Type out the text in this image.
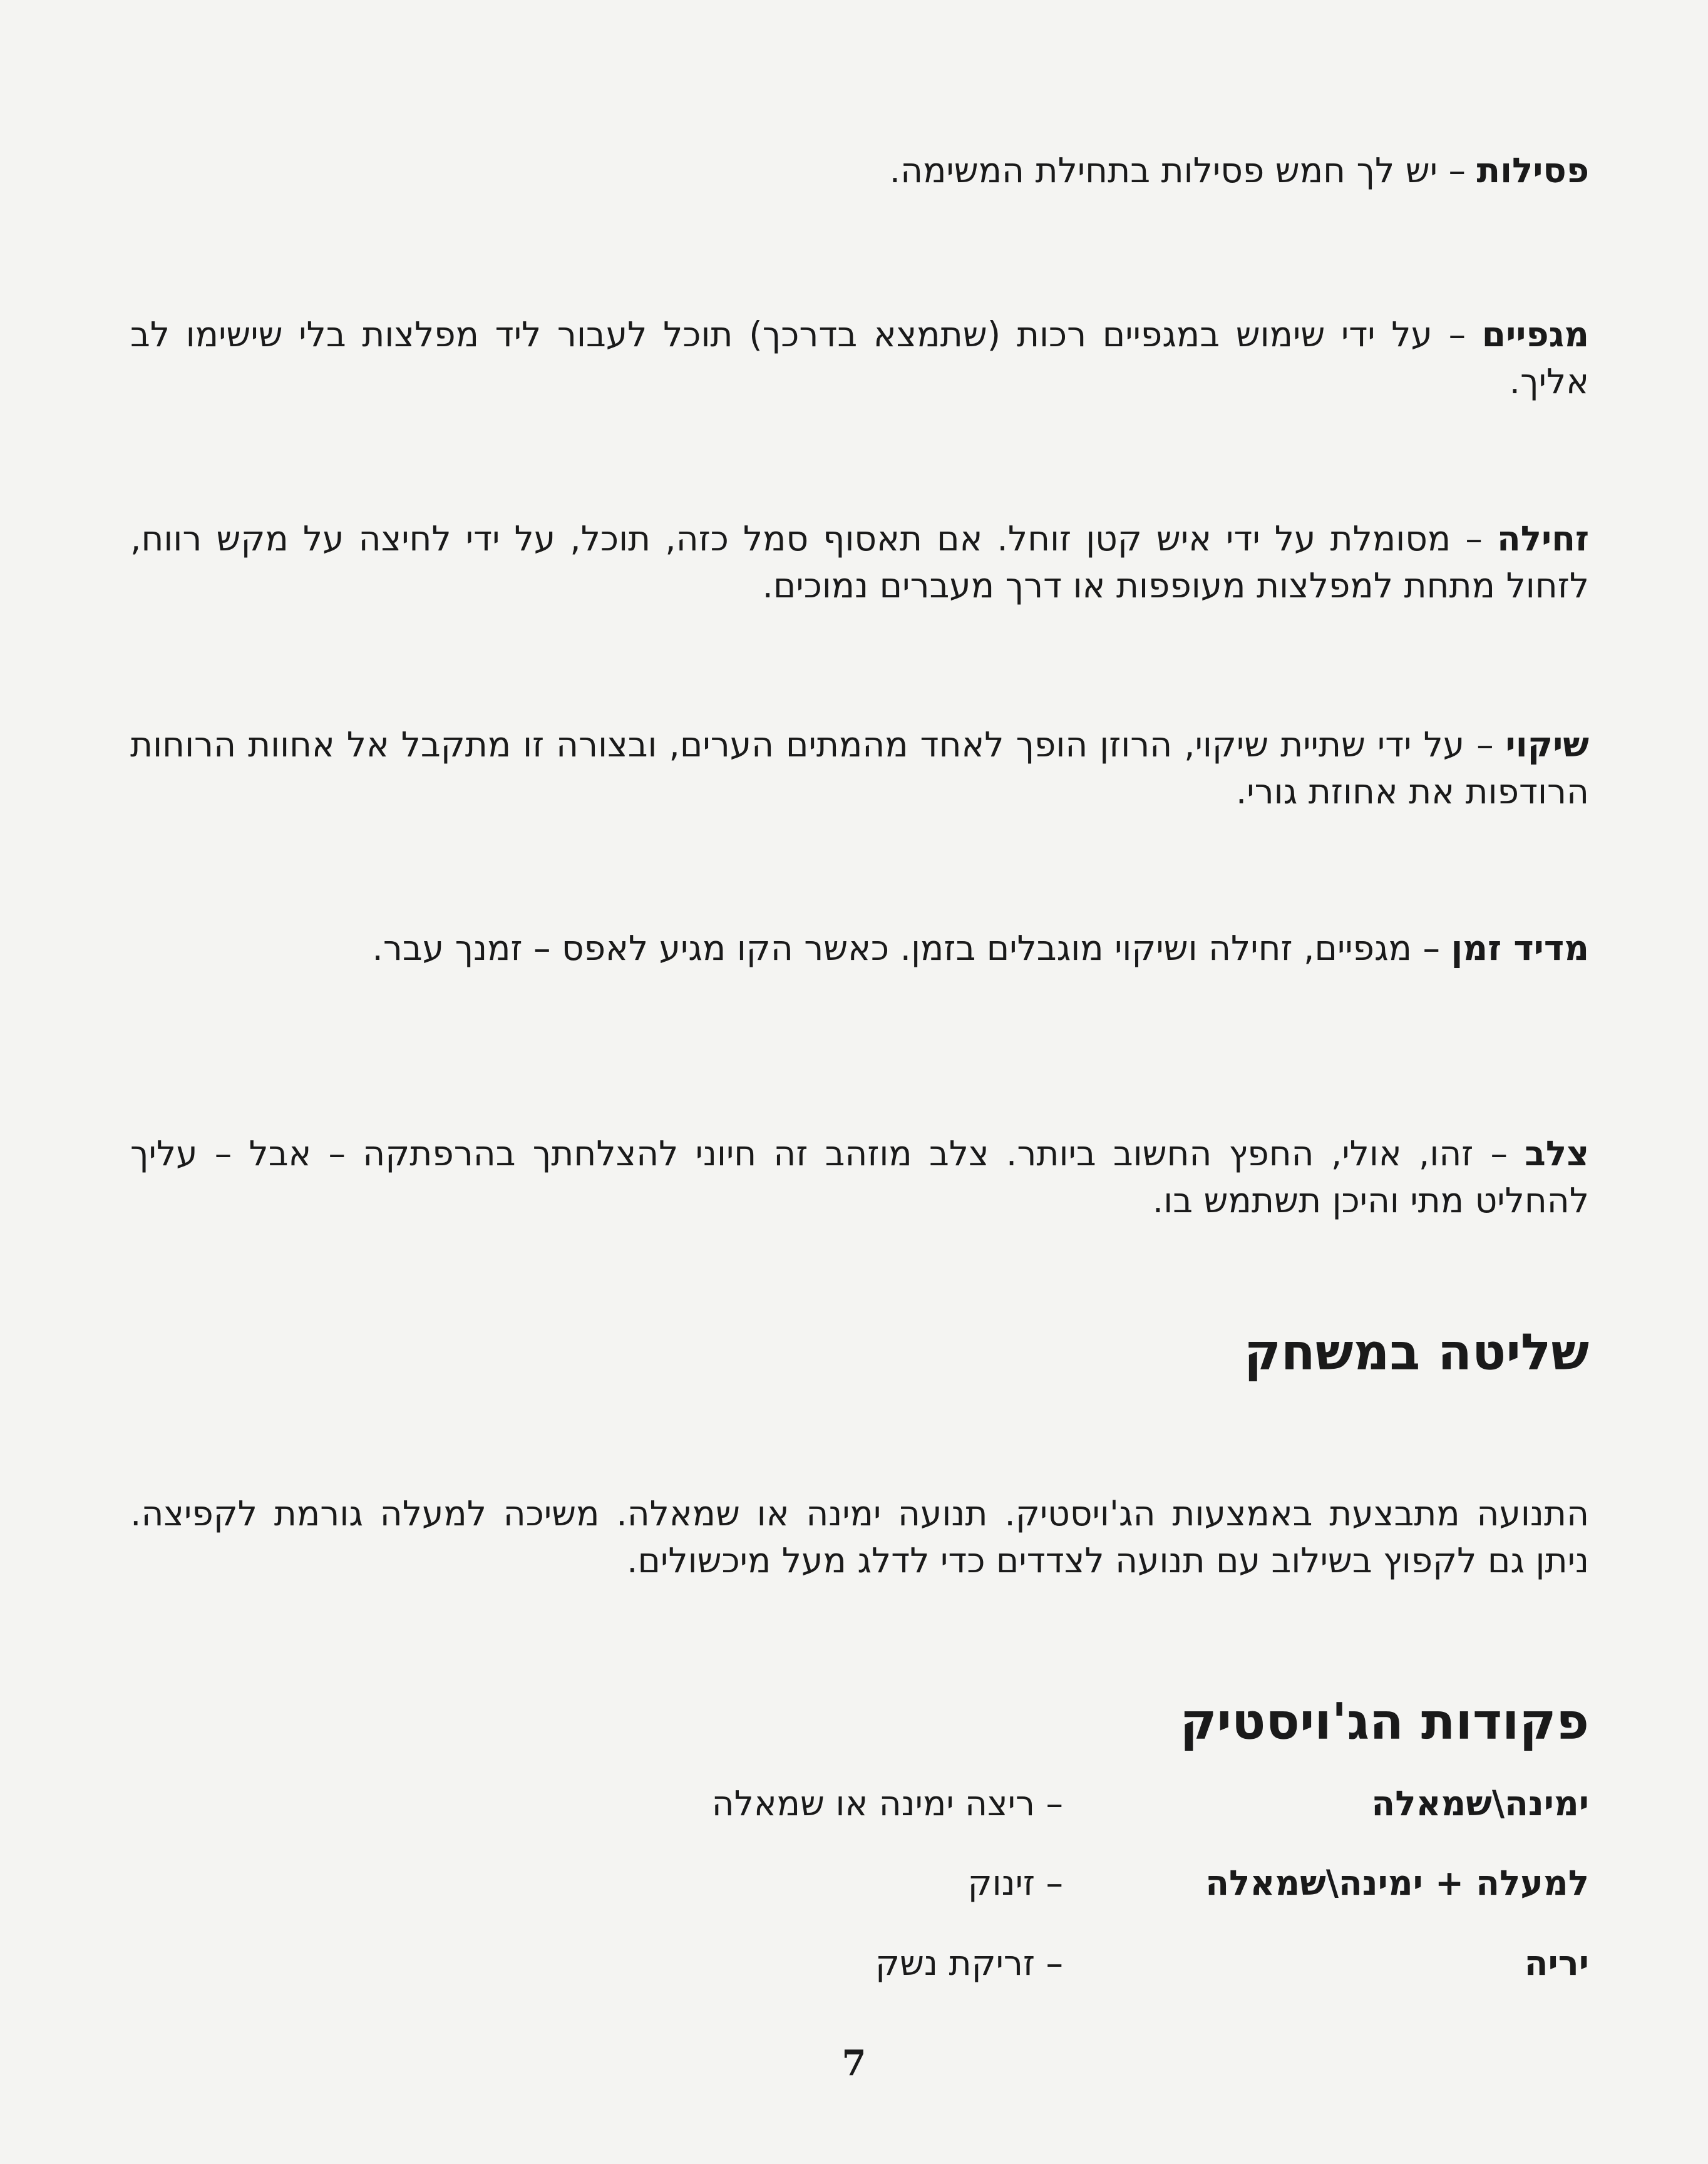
פסילות – יש לך חמש פסילות בתחילת המשימה.

מגפיים – על ידי שימוש במגפיים רכות (שתמצא בדרכך) תוכל לעבור ליד מפלצות בלי שישימו לב אליך.

זחילה – מסומלת על ידי איש קטן זוחל. אם תאסוף סמל כזה, תוכל, על ידי לחיצה על מקש רווח, לזחול מתחת למפלצות מעופפות או דרך מעברים נמוכים.

שיקוי – על ידי שתיית שיקוי, הרוזן הופך לאחד מהמתים הערים, ובצורה זו מתקבל אל אחוות הרוחות הרודפות את אחוזת גורי.

מדיד זמן – מגפיים, זחילה ושיקוי מוגבלים בזמן. כאשר הקו מגיע לאפס – זמנך עבר.

צלב – זהו, אולי, החפץ החשוב ביותר. צלב מוזהב זה חיוני להצלחתך בהרפתקה – אבל – עליך להחליט מתי והיכן תשתמש בו.

שליטה במשחק

התנועה מתבצעת באמצעות הג'ויסטיק. תנועה ימינה או שמאלה. משיכה למעלה גורמת לקפיצה. ניתן גם לקפוץ בשילוב עם תנועה לצדדים כדי לדלג מעל מיכשולים.

פקודות הג'ויסטיק
ימינה\שמאלה
– ריצה ימינה או שמאלה
למעלה + ימינה\שמאלה
– זינוק
יריה
– זריקת נשק
7
